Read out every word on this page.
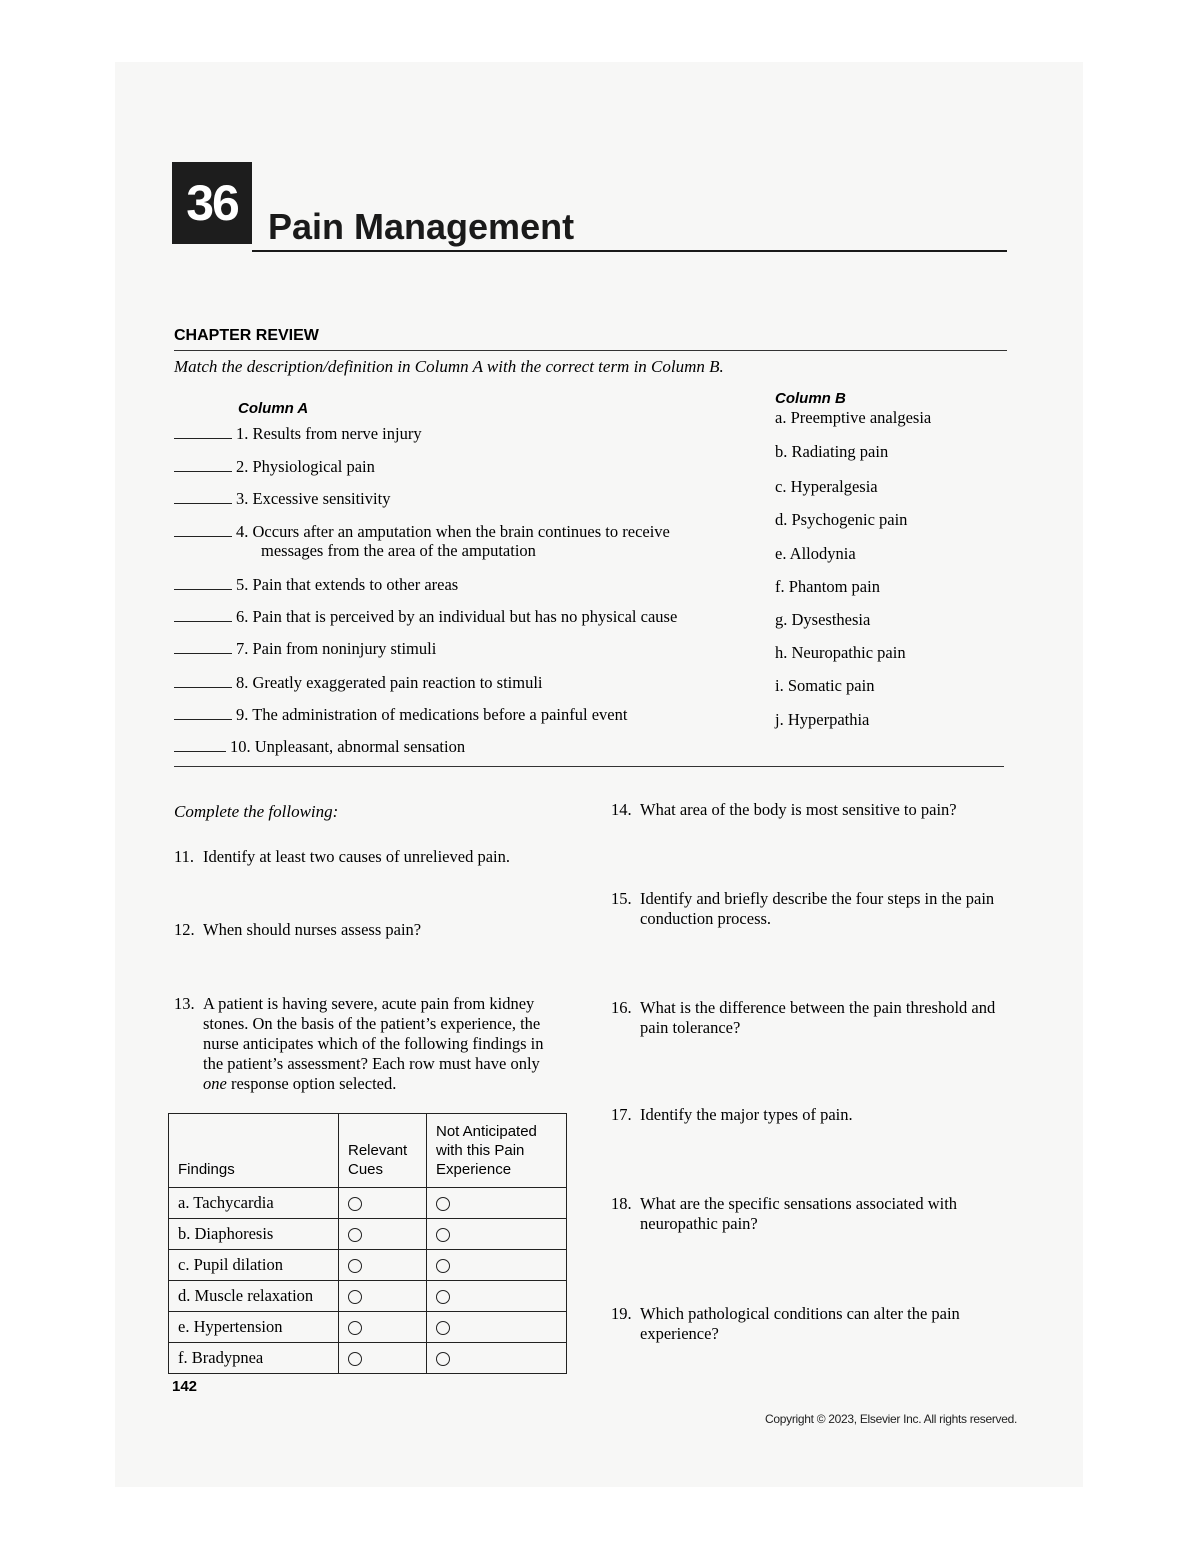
36 Pain Management
CHAPTER REVIEW
Match the description/definition in Column A with the correct term in Column B.
Column A
Column B
1. Results from nerve injury
2. Physiological pain
3. Excessive sensitivity
4. Occurs after an amputation when the brain continues to receive
messages from the area of the amputation
5. Pain that extends to other areas
6. Pain that is perceived by an individual but has no physical cause
7. Pain from noninjury stimuli
8. Greatly exaggerated pain reaction to stimuli
9. The administration of medications before a painful event
10. Unpleasant, abnormal sensation
a. Preemptive analgesia
b. Radiating pain
c. Hyperalgesia
d. Psychogenic pain
e. Allodynia
f. Phantom pain
g. Dysesthesia
h. Neuropathic pain
i. Somatic pain
j. Hyperpathia
Complete the following:
11. Identify at least two causes of unrelieved pain.
12. When should nurses assess pain?
13. A patient is having severe, acute pain from kidney stones. On the basis of the patient’s experience, the nurse anticipates which of the following findings in the patient’s assessment? Each row must have only one response option selected.
Findings	Relevant Cues	Not Anticipated with this Pain Experience
a. Tachycardia		
b. Diaphoresis		
c. Pupil dilation		
d. Muscle relaxation		
e. Hypertension		
f. Bradypnea		
14. What area of the body is most sensitive to pain?
15. Identify and briefly describe the four steps in the pain conduction process.
16. What is the difference between the pain threshold and pain tolerance?
17. Identify the major types of pain.
18. What are the specific sensations associated with neuropathic pain?
19. Which pathological conditions can alter the pain experience?
142
Copyright © 2023, Elsevier Inc. All rights reserved.
